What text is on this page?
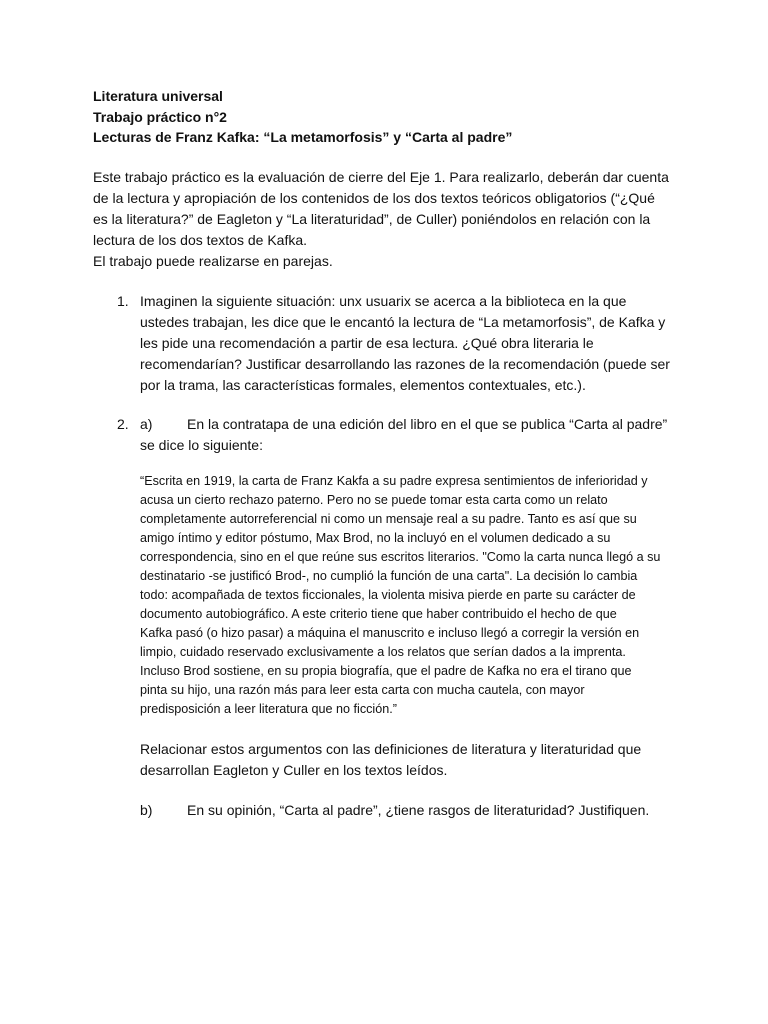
Literatura universal
Trabajo práctico n°2
Lecturas de Franz Kafka: “La metamorfosis” y “Carta al padre”
Este trabajo práctico es la evaluación de cierre del Eje 1. Para realizarlo, deberán dar cuenta
de la lectura y apropiación de los contenidos de los dos textos teóricos obligatorios (“¿Qué
es la literatura?” de Eagleton y “La literaturidad”, de Culler) poniéndolos en relación con la
lectura de los dos textos de Kafka.
El trabajo puede realizarse en parejas.
1. Imaginen la siguiente situación: unx usuarix se acerca a la biblioteca en la que
ustedes trabajan, les dice que le encantó la lectura de “La metamorfosis”, de Kafka y
les pide una recomendación a partir de esa lectura. ¿Qué obra literaria le
recomendarían? Justificar desarrollando las razones de la recomendación (puede ser
por la trama, las características formales, elementos contextuales, etc.).
2. a) En la contratapa de una edición del libro en el que se publica “Carta al padre”
se dice lo siguiente:
“Escrita en 1919, la carta de Franz Kakfa a su padre expresa sentimientos de inferioridad y
acusa un cierto rechazo paterno. Pero no se puede tomar esta carta como un relato
completamente autorreferencial ni como un mensaje real a su padre. Tanto es así que su
amigo íntimo y editor póstumo, Max Brod, no la incluyó en el volumen dedicado a su
correspondencia, sino en el que reúne sus escritos literarios. "Como la carta nunca llegó a su
destinatario -se justificó Brod-, no cumplió la función de una carta". La decisión lo cambia
todo: acompañada de textos ficcionales, la violenta misiva pierde en parte su carácter de
documento autobiográfico. A este criterio tiene que haber contribuido el hecho de que
Kafka pasó (o hizo pasar) a máquina el manuscrito e incluso llegó a corregir la versión en
limpio, cuidado reservado exclusivamente a los relatos que serían dados a la imprenta.
Incluso Brod sostiene, en su propia biografía, que el padre de Kafka no era el tirano que
pinta su hijo, una razón más para leer esta carta con mucha cautela, con mayor
predisposición a leer literatura que no ficción.”
Relacionar estos argumentos con las definiciones de literatura y literaturidad que
desarrollan Eagleton y Culler en los textos leídos.
b) En su opinión, “Carta al padre”, ¿tiene rasgos de literaturidad? Justifiquen.
